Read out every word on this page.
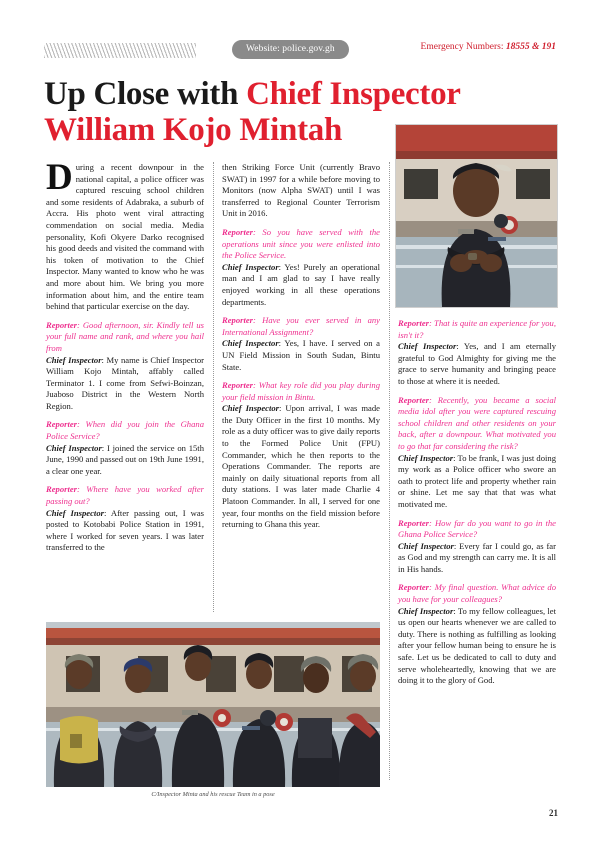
Website: police.gov.gh	Emergency Numbers: 18555 & 191
Up Close with Chief Inspector William Kojo Mintah

During a recent downpour in the national capital, a police officer was captured rescuing school children and some residents of Adabraka, a suburb of Accra. His photo went viral attracting commendation on social media. Media personality, Kofi Okyere Darko recognised his good deeds and visited the command with his token of motivation to the Chief Inspector. Many wanted to know who he was and more about him. We bring you more information about him, and the entire team behind that particular exercise on the day.

Reporter: Good afternoon, sir. Kindly tell us your full name and rank, and where you hail from

Chief Inspector: My name is Chief Inspector William Kojo Mintah, affably called Terminator 1. I come from Sefwi-Boinzan, Juaboso District in the Western North Region.

Reporter: When did you join the Ghana Police Service?

Chief Inspector: I joined the service on 15th June, 1990 and passed out on 19th June 1991, a clear one year.

Reporter: Where have you worked after passing out?

Chief Inspector: After passing out, I was posted to Kotobabi Police Station in 1991, where I worked for seven years. I was later transferred to the

then Striking Force Unit (currently Bravo SWAT) in 1997 for a while before moving to Monitors (now Alpha SWAT) until I was transferred to Regional Counter Terrorism Unit in 2016.

Reporter: So you have served with the operations unit since you were enlisted into the Police Service.

Chief Inspector: Yes! Purely an operational man and I am glad to say I have really enjoyed working in all these operations departments.

Reporter: Have you ever served in any International Assignment?

Chief Inspector: Yes, I have. I served on a UN Field Mission in South Sudan, Bintu State.

Reporter: What key role did you play during your field mission in Bintu.

Chief Inspector: Upon arrival, I was made the Duty Officer in the first 10 months. My role as a duty officer was to give daily reports to the Formed Police Unit (FPU) Commander, which he then reports to the Operations Commander. The reports are mainly on daily situational reports from all duty stations. I was later made Charlie 4 Platoon Commander. In all, I served for one year, four months on the field mission before returning to Ghana this year.

Reporter: That is quite an experience for you, isn't it?

Chief Inspector: Yes, and I am eternally grateful to God Almighty for giving me the grace to serve humanity and bringing peace to those at where it is needed.

Reporter: Recently, you became a social media idol after you were captured rescuing school children and other residents on your back, after a downpour. What motivated you to go that far considering the risk?

Chief Inspector: To be frank, I was just doing my work as a Police officer who swore an oath to protect life and property whether rain or shine. Let me say that that was what motivated me.

Reporter: How far do you want to go in the Ghana Police Service?

Chief Inspector: Every far I could go, as far as God and my strength can carry me. It is all in His hands.

Reporter: My final question. What advice do you have for your colleagues?

Chief Inspector: To my fellow colleagues, let us open our hearts whenever we are called to duty. There is nothing as fulfilling as looking after your fellow human being to ensure he is safe. Let us be dedicated to call to duty and serve wholeheartedly, knowing that we are doing it to the glory of God.

C/Inspector Minta and his rescue Team in a pose
21
